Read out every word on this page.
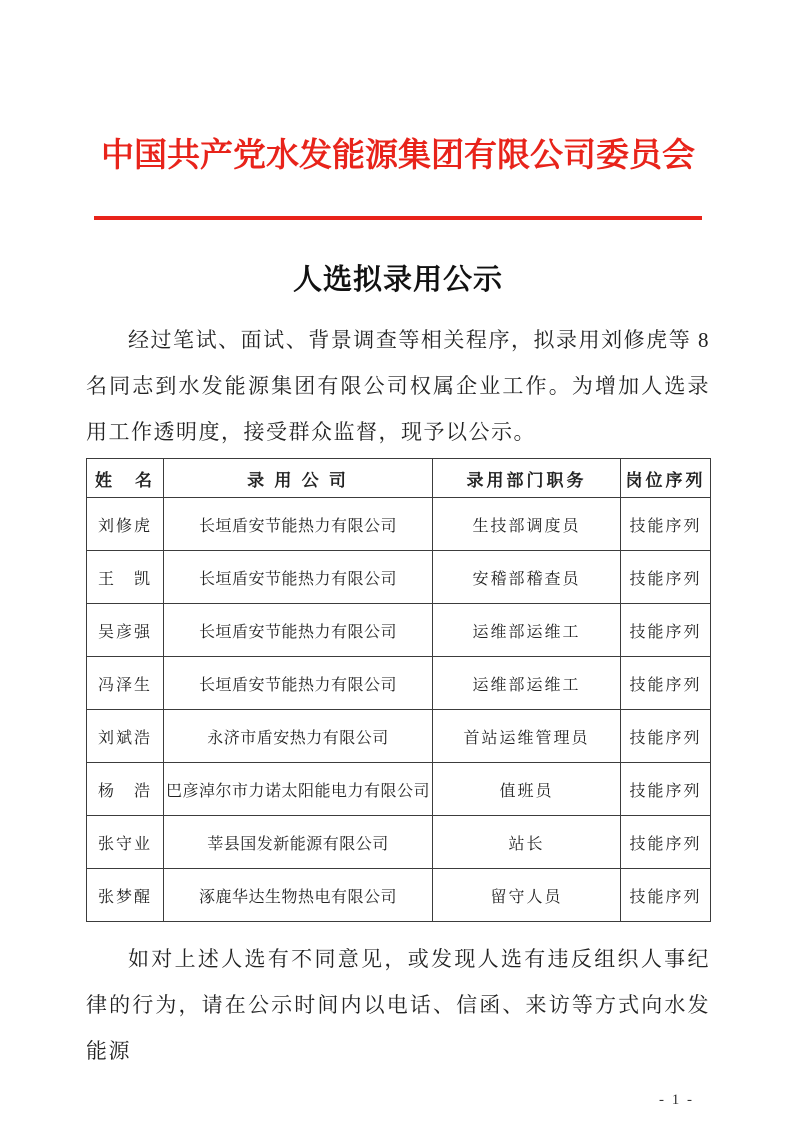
中国共产党水发能源集团有限公司委员会
人选拟录用公示

经过笔试、面试、背景调查等相关程序，拟录用刘修虎等 8 名同志到水发能源集团有限公司权属企业工作。为增加人选录用工作透明度，接受群众监督，现予以公示。

姓　名	录 用 公 司	录用部门职务	岗位序列
刘修虎	长垣盾安节能热力有限公司	生技部调度员	技能序列
王　凯	长垣盾安节能热力有限公司	安稽部稽查员	技能序列
吴彦强	长垣盾安节能热力有限公司	运维部运维工	技能序列
冯泽生	长垣盾安节能热力有限公司	运维部运维工	技能序列
刘斌浩	永济市盾安热力有限公司	首站运维管理员	技能序列
杨　浩	巴彦淖尔市力诺太阳能电力有限公司	值班员	技能序列
张守业	莘县国发新能源有限公司	站长	技能序列
张梦醒	涿鹿华达生物热电有限公司	留守人员	技能序列

如对上述人选有不同意见，或发现人选有违反组织人事纪律的行为，请在公示时间内以电话、信函、来访等方式向水发能源

- 1 -
